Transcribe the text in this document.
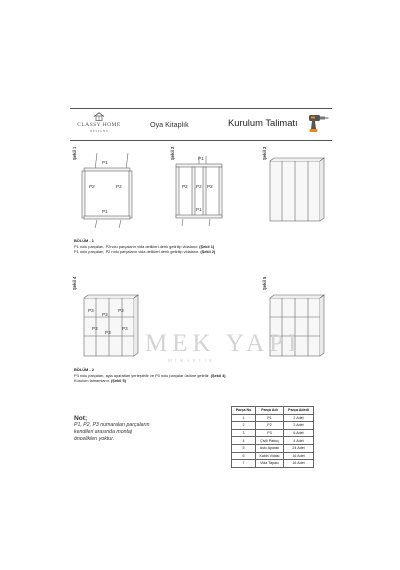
CLASSY HOME
DESIGNS
Oya Kitaplık	Kurulum Talimatı
Şekil 1	Şekil 2	Şekil 3
Şekil 4	Şekil 5
P1
P2	P2
P1
P1
P2 P2 P2
P1
BÖLÜM - 1
P1 nolu parçaları, P2nolu parçaların vida delikleri denk getirilip vidalanır. (Şekil 1)
P1 nolu parçaları, P2 nolu parçaların vida delikleri denk getirilip vidalanır. (Şekil 2)
P3
P3
P3
P3
P3
P3
MEK YAPI
MİMARLIK
BÖLÜM - 2
P3 nolu parçaları, ayla aparatları yerleştirilir ve P3 nolu parçalar üstüne getirilir. (Şekil 4)
Kurulum tamamlanır. (Şekil 5)
Not;
P1, P2, P3 numaraları parçaların
kendileri arasında montaj
önceliklerı yoktur.
Parça No	Parça Adı	Parça Adedi
1	P1	2 Adet
2	P2	2 Adet
3	P3	6 Adet
4	Çivili Pabuç	4 Adet
5	Askı Aparatı	24 Adet
6	Kabin Vidası	16 Adet
7	Vida Tapası	16 Adet
